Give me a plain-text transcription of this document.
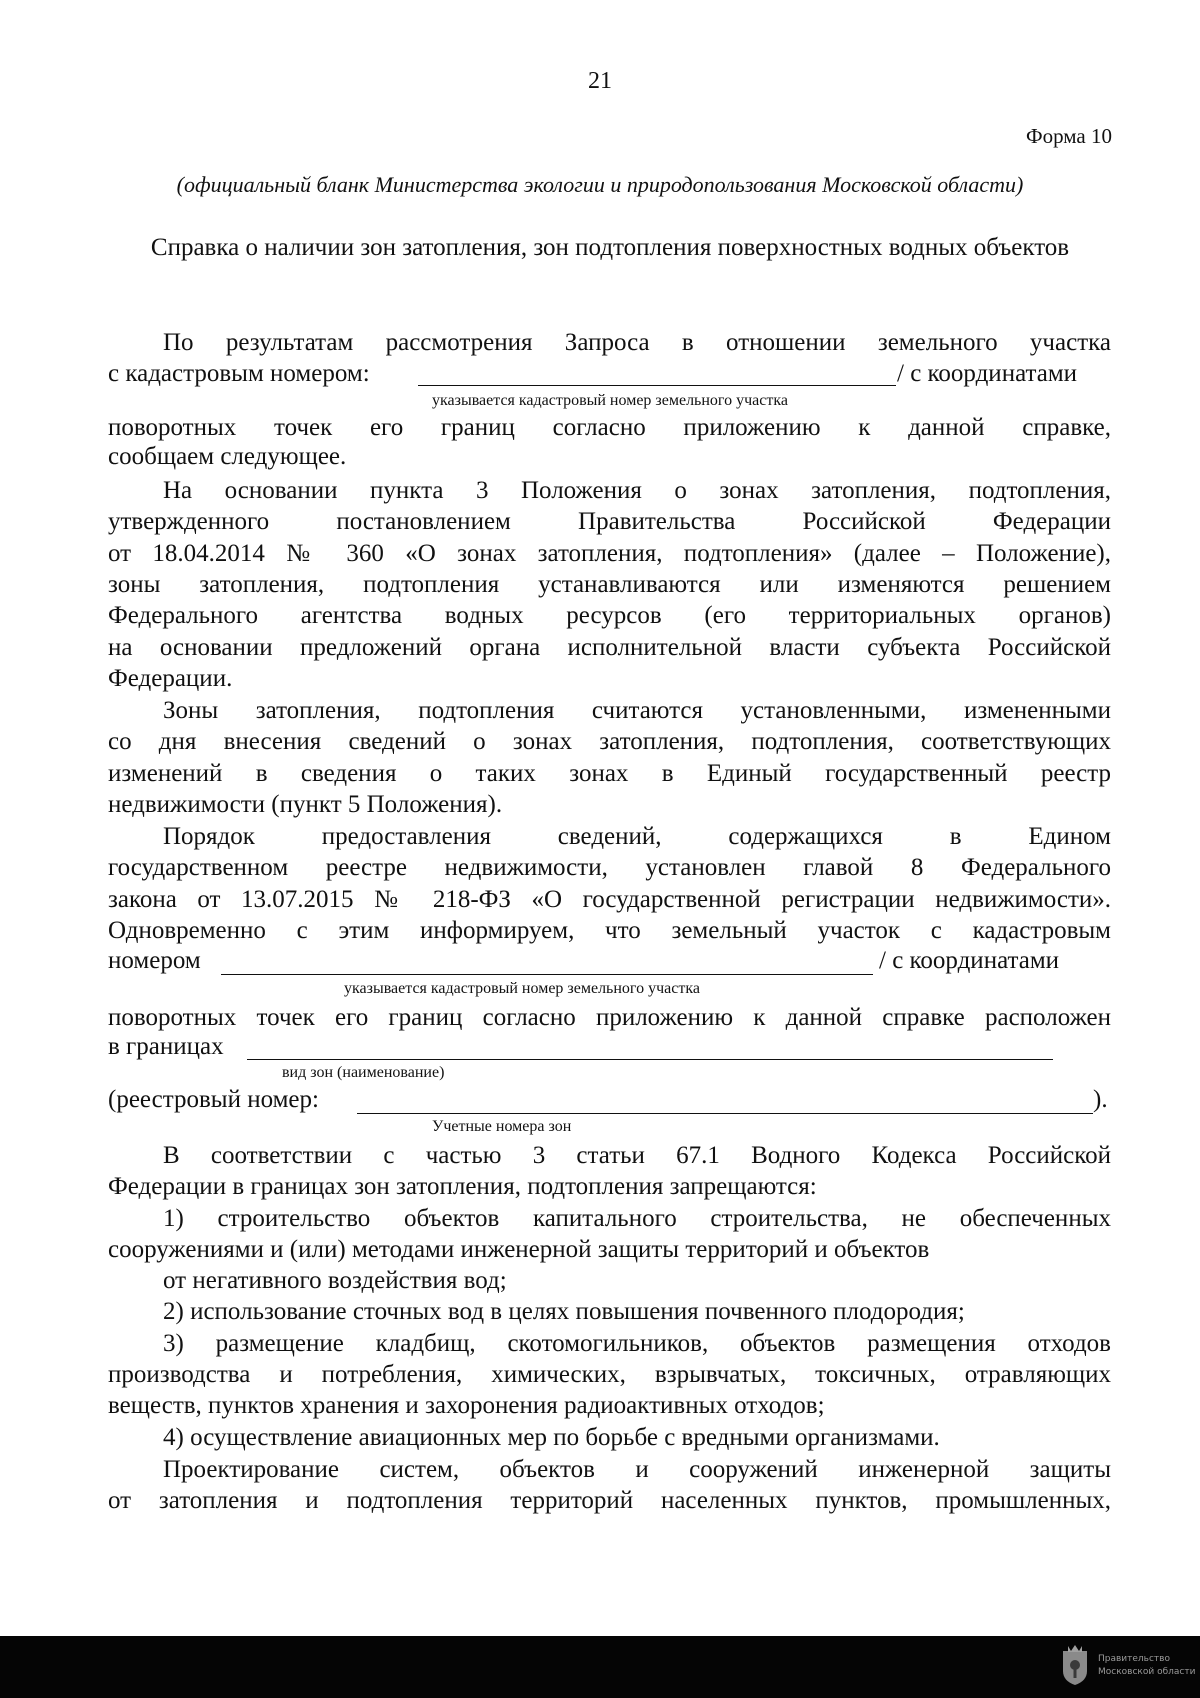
21
Форма 10
(официальный бланк Министерства экологии и природопользования Московской области)
Справка о наличии зон затопления, зон подтопления поверхностных водных объектов
По результатам рассмотрения Запроса в отношении земельного участка
с кадастровым номером:	/ с координатами
указывается кадастровый номер земельного участка
поворотных точек его границ согласно приложению к данной справке,
сообщаем следующее.
На основании пункта 3 Положения о зонах затопления, подтопления,
утвержденного постановлением Правительства Российской Федерации
от 18.04.2014 № 360 «О зонах затопления, подтопления» (далее – Положение),
зоны затопления, подтопления устанавливаются или изменяются решением
Федерального агентства водных ресурсов (его территориальных органов)
на основании предложений органа исполнительной власти субъекта Российской
Федерации.
Зоны затопления, подтопления считаются установленными, измененными
со дня внесения сведений о зонах затопления, подтопления, соответствующих
изменений в сведения о таких зонах в Единый государственный реестр
недвижимости (пункт 5 Положения).
Порядок предоставления сведений, содержащихся в Едином
государственном реестре недвижимости, установлен главой 8 Федерального
закона от 13.07.2015 № 218-ФЗ «О государственной регистрации недвижимости».
Одновременно с этим информируем, что земельный участок с кадастровым
номером	/ с координатами
указывается кадастровый номер земельного участка
поворотных точек его границ согласно приложению к данной справке расположен
в границах
вид зон (наименование)
(реестровый номер:	).
Учетные номера зон
В соответствии с частью 3 статьи 67.1 Водного Кодекса Российской
Федерации в границах зон затопления, подтопления запрещаются:
1) строительство объектов капитального строительства, не обеспеченных
сооружениями и (или) методами инженерной защиты территорий и объектов
от негативного воздействия вод;
2) использование сточных вод в целях повышения почвенного плодородия;
3) размещение кладбищ, скотомогильников, объектов размещения отходов
производства и потребления, химических, взрывчатых, токсичных, отравляющих
веществ, пунктов хранения и захоронения радиоактивных отходов;
4) осуществление авиационных мер по борьбе с вредными организмами.
Проектирование систем, объектов и сооружений инженерной защиты
от затопления и подтопления территорий населенных пунктов, промышленных,
Правительство
Московской области
